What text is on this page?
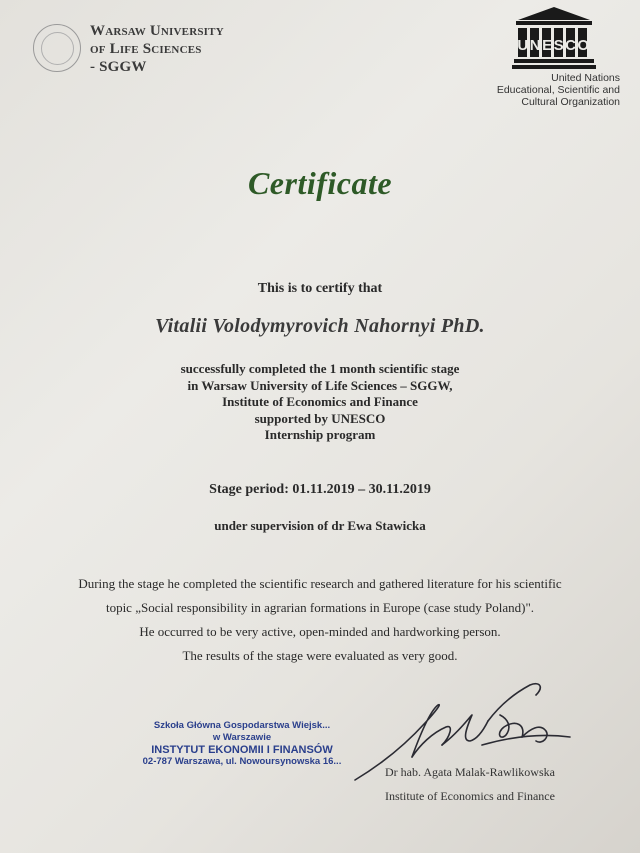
Warsaw University
of Life Sciences
- SGGW
UNESCO
United Nations
Educational, Scientific and
Cultural Organization
Certificate
This is to certify that
Vitalii Volodymyrovich Nahornyi PhD.
successfully completed the 1 month scientific stage
in Warsaw University of Life Sciences – SGGW,
Institute of Economics and Finance
supported by UNESCO
Internship program
Stage period: 01.11.2019 – 30.11.2019
under supervision of dr Ewa Stawicka
During the stage he completed the scientific research and gathered literature for his scientific
topic „Social responsibility in agrarian formations in Europe (case study Poland)".
He occurred to be very active, open-minded and hardworking person.
The results of the stage were evaluated as very good.
Szkoła Główna Gospodarstwa Wiejsk...
w Warszawie
INSTYTUT EKONOMII I FINANSÓW
02-787 Warszawa, ul. Nowoursynowska 16...
Dr hab. Agata Malak-Rawlikowska
Institute of Economics and Finance
